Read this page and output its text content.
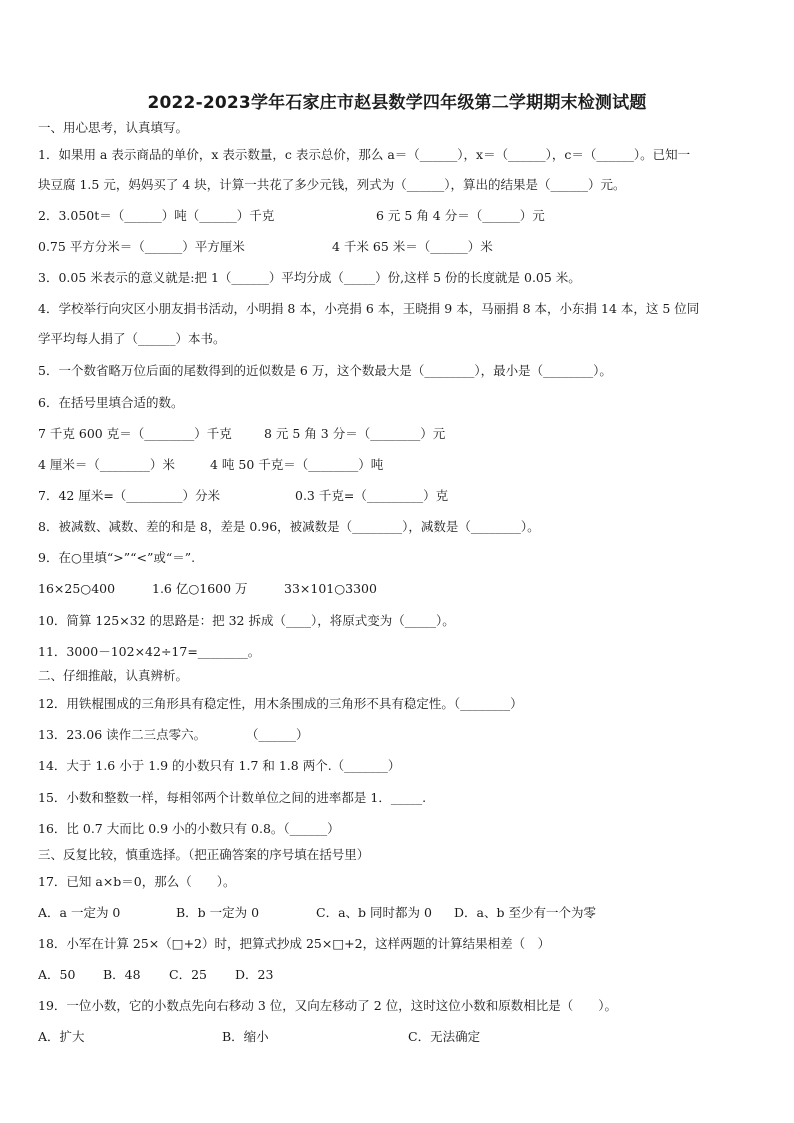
2022-2023学年石家庄市赵县数学四年级第二学期期末检测试题
一、用心思考，认真填写。
1．如果用 a 表示商品的单价，x 表示数量，c 表示总价，那么 a＝（______），x＝（______），c＝（______）。已知一
块豆腐 1.5 元，妈妈买了 4 块，计算一共花了多少元钱，列式为（______），算出的结果是（______）元。
2．3.050t＝（______）吨（______）千克	6 元 5 角 4 分＝（______）元
0.75 平方分米＝（______）平方厘米	4 千米 65 米＝（______）米
3．0.05 米表示的意义就是:把 1（______）平均分成（_____）份,这样 5 份的长度就是 0.05 米。
4．学校举行向灾区小朋友捐书活动，小明捐 8 本，小亮捐 6 本，王晓捐 9 本，马丽捐 8 本，小东捐 14 本，这 5 位同
学平均每人捐了（______）本书。
5．一个数省略万位后面的尾数得到的近似数是 6 万，这个数最大是（________），最小是（________）。
6．在括号里填合适的数。
7 千克 600 克＝（________）千克	8 元 5 角 3 分＝（________）元
4 厘米＝（________）米	4 吨 50 千克＝（________）吨
7．42 厘米=（_________）分米	0.3 千克=（_________）克
8．被减数、减数、差的和是 8，差是 0.96，被减数是（________），减数是（________）。
9．在○里填“>”“<”或“＝”.
16×25○400	1.6 亿○1600 万	33×101○3300
10．简算 125×32 的思路是：把 32 拆成（____），将原式变为（_____）。
11．3000－102×42÷17=________。
二、仔细推敲，认真辨析。
12．用铁棍围成的三角形具有稳定性，用木条围成的三角形不具有稳定性。（________）
13．23.06 读作二三点零六。	（______）
14．大于 1.6 小于 1.9 的小数只有 1.7 和 1.8 两个.（_______）
15．小数和整数一样，每相邻两个计数单位之间的进率都是 1．_____.
16．比 0.7 大而比 0.9 小的小数只有 0.8。（______）
三、反复比较，慎重选择。（把正确答案的序号填在括号里）
17．已知 a×b＝0，那么（　　）。
A．a 一定为 0	B．b 一定为 0	C．a、b 同时都为 0 D．a、b 至少有一个为零
18．小军在计算 25×（□+2）时，把算式抄成 25×□+2，这样两题的计算结果相差（　）
A．50 B．48 C．25 D．23
19．一位小数，它的小数点先向右移动 3 位，又向左移动了 2 位，这时这位小数和原数相比是（　　）。
A．扩大	B．缩小	C．无法确定
